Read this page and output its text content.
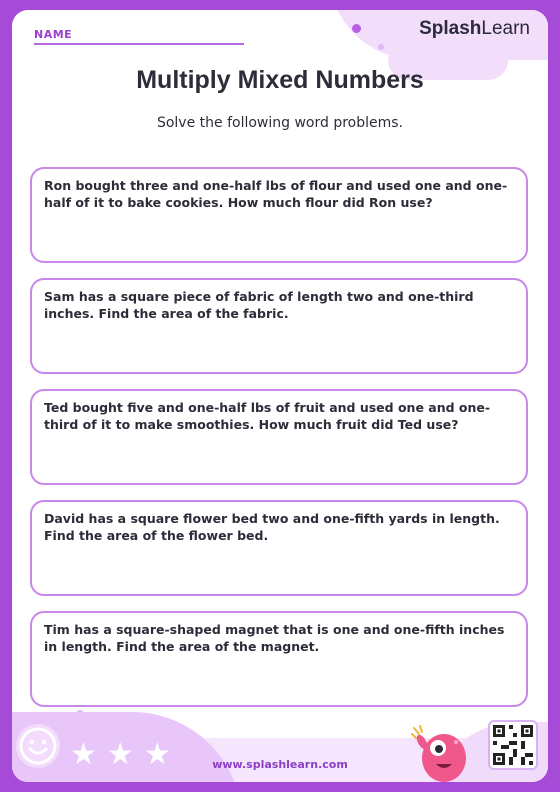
NAME	SplashLearn
Multiply Mixed Numbers
Solve the following word problems.
Ron bought three and one-half lbs of flour and used one and one-half of it to bake cookies. How much flour did Ron use?
Sam has a square piece of fabric of length two and one-third inches. Find the area of the fabric.
Ted bought five and one-half lbs of fruit and used one and one-third of it to make smoothies. How much fruit did Ted use?
David has a square flower bed two and one-fifth yards in length. Find the area of the flower bed.
Tim has a square-shaped magnet that is one and one-fifth inches in length. Find the area of the magnet.
★ ★ ★	www.splashlearn.com
